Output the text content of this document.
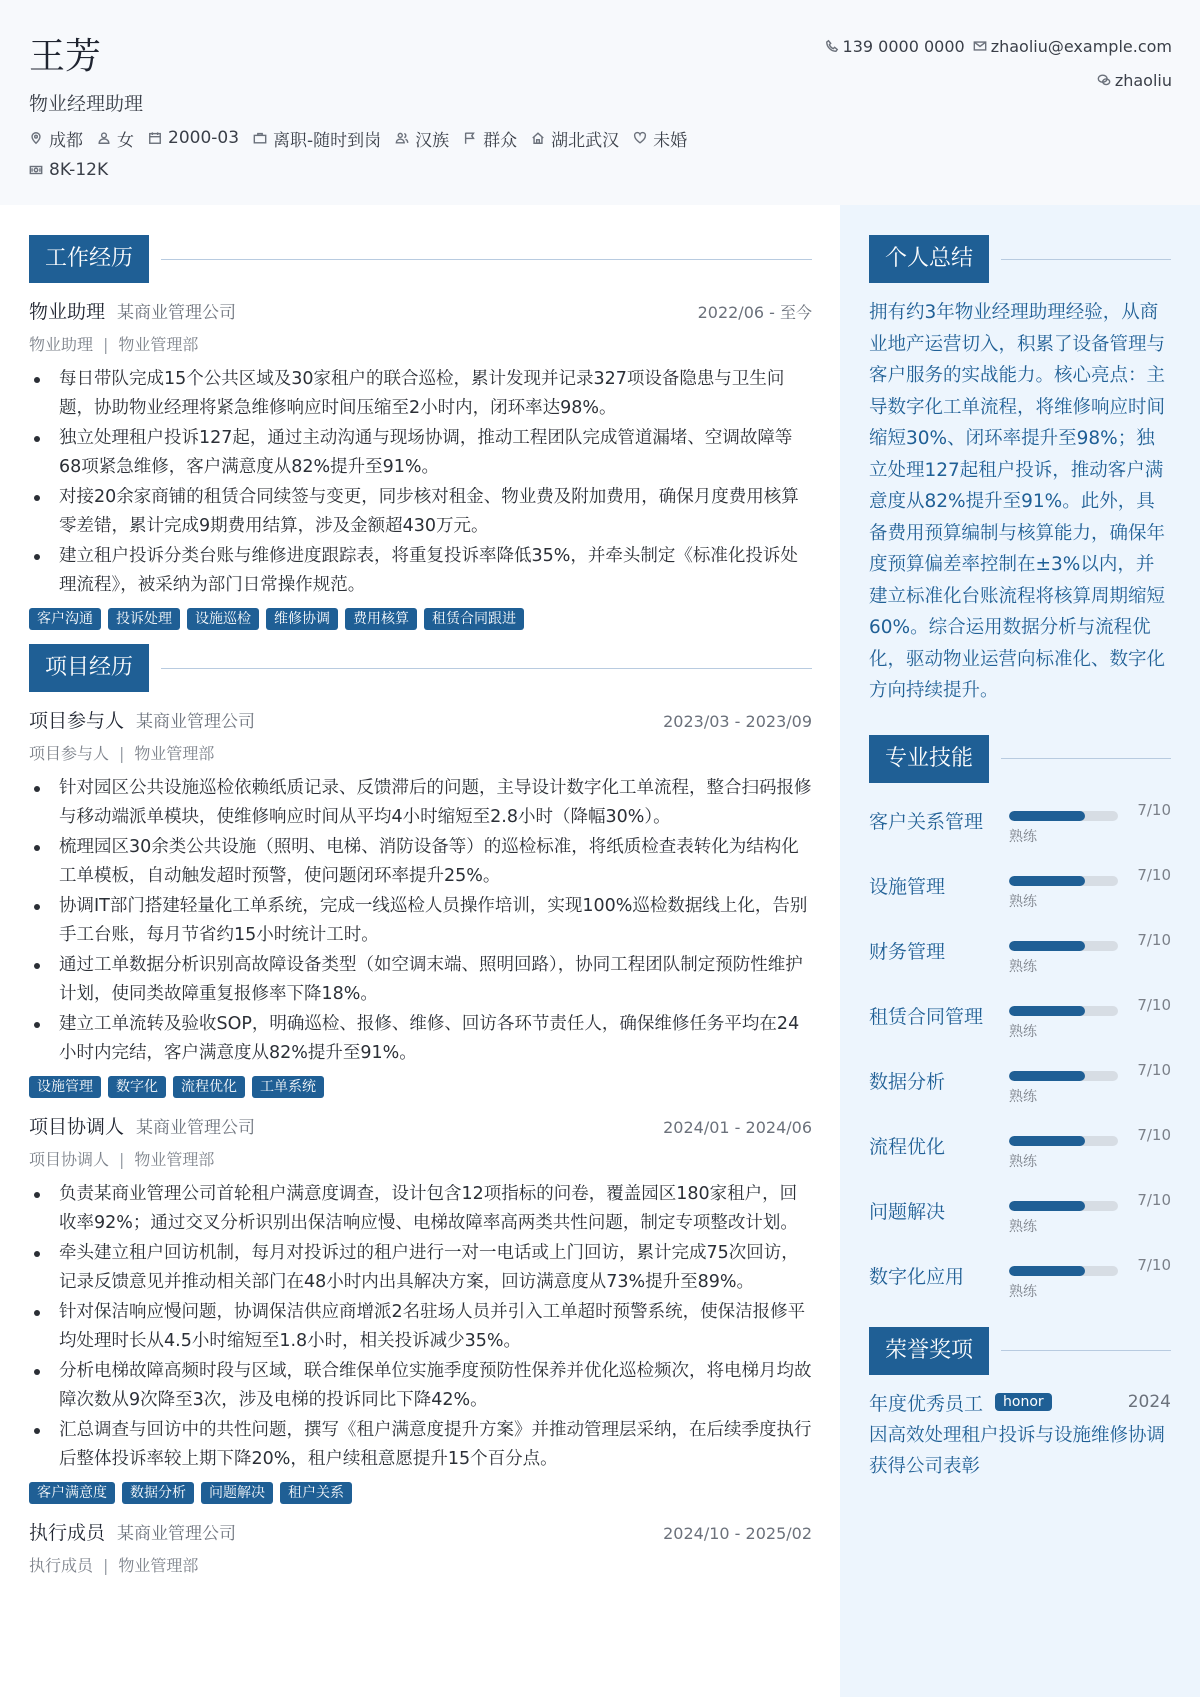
王芳
物业经理助理
成都 女 2000-03 离职-随时到岗 汉族 群众 湖北武汉 未婚
8K-12K
139 0000 0000 zhaoliu@example.com
zhaoliu
工作经历
物业助理 某商业管理公司	2022/06 - 至今
物业助理 | 物业管理部
每日带队完成15个公共区域及30家租户的联合巡检，累计发现并记录327项设备隐患与卫生问题，协助物业经理将紧急维修响应时间压缩至2小时内，闭环率达98%。
独立处理租户投诉127起，通过主动沟通与现场协调，推动工程团队完成管道漏堵、空调故障等68项紧急维修，客户满意度从82%提升至91%。
对接20余家商铺的租赁合同续签与变更，同步核对租金、物业费及附加费用，确保月度费用核算零差错，累计完成9期费用结算，涉及金额超430万元。
建立租户投诉分类台账与维修进度跟踪表，将重复投诉率降低35%，并牵头制定《标准化投诉处理流程》，被采纳为部门日常操作规范。
客户沟通	投诉处理	设施巡检	维修协调	费用核算	租赁合同跟进
项目经历
项目参与人 某商业管理公司	2023/03 - 2023/09
项目参与人 | 物业管理部
针对园区公共设施巡检依赖纸质记录、反馈滞后的问题，主导设计数字化工单流程，整合扫码报修与移动端派单模块，使维修响应时间从平均4小时缩短至2.8小时（降幅30%）。
梳理园区30余类公共设施（照明、电梯、消防设备等）的巡检标准，将纸质检查表转化为结构化工单模板，自动触发超时预警，使问题闭环率提升25%。
协调IT部门搭建轻量化工单系统，完成一线巡检人员操作培训，实现100%巡检数据线上化，告别手工台账，每月节省约15小时统计工时。
通过工单数据分析识别高故障设备类型（如空调末端、照明回路），协同工程团队制定预防性维护计划，使同类故障重复报修率下降18%。
建立工单流转及验收SOP，明确巡检、报修、维修、回访各环节责任人，确保维修任务平均在24小时内完结，客户满意度从82%提升至91%。
设施管理	数字化	流程优化	工单系统
项目协调人 某商业管理公司	2024/01 - 2024/06
项目协调人 | 物业管理部
负责某商业管理公司首轮租户满意度调查，设计包含12项指标的问卷，覆盖园区180家租户，回收率92%；通过交叉分析识别出保洁响应慢、电梯故障率高两类共性问题，制定专项整改计划。
牵头建立租户回访机制，每月对投诉过的租户进行一对一电话或上门回访，累计完成75次回访，记录反馈意见并推动相关部门在48小时内出具解决方案，回访满意度从73%提升至89%。
针对保洁响应慢问题，协调保洁供应商增派2名驻场人员并引入工单超时预警系统，使保洁报修平均处理时长从4.5小时缩短至1.8小时，相关投诉减少35%。
分析电梯故障高频时段与区域，联合维保单位实施季度预防性保养并优化巡检频次，将电梯月均故障次数从9次降至3次，涉及电梯的投诉同比下降42%。
汇总调查与回访中的共性问题，撰写《租户满意度提升方案》并推动管理层采纳，在后续季度执行后整体投诉率较上期下降20%，租户续租意愿提升15个百分点。
客户满意度	数据分析	问题解决	租户关系
执行成员 某商业管理公司	2024/10 - 2025/02
执行成员 | 物业管理部
个人总结
拥有约3年物业经理助理经验，从商业地产运营切入，积累了设备管理与客户服务的实战能力。核心亮点：主导数字化工单流程，将维修响应时间缩短30%、闭环率提升至98%；独立处理127起租户投诉，推动客户满意度从82%提升至91%。此外，具备费用预算编制与核算能力，确保年度预算偏差率控制在±3%以内，并建立标准化台账流程将核算周期缩短60%。综合运用数据分析与流程优化，驱动物业运营向标准化、数字化方向持续提升。
专业技能
客户关系管理
7/10
熟练
设施管理
7/10
熟练
财务管理
7/10
熟练
租赁合同管理
7/10
熟练
数据分析
7/10
熟练
流程优化
7/10
熟练
问题解决
7/10
熟练
数字化应用
7/10
熟练
荣誉奖项
年度优秀员工	honor	2024
因高效处理租户投诉与设施维修协调获得公司表彰
